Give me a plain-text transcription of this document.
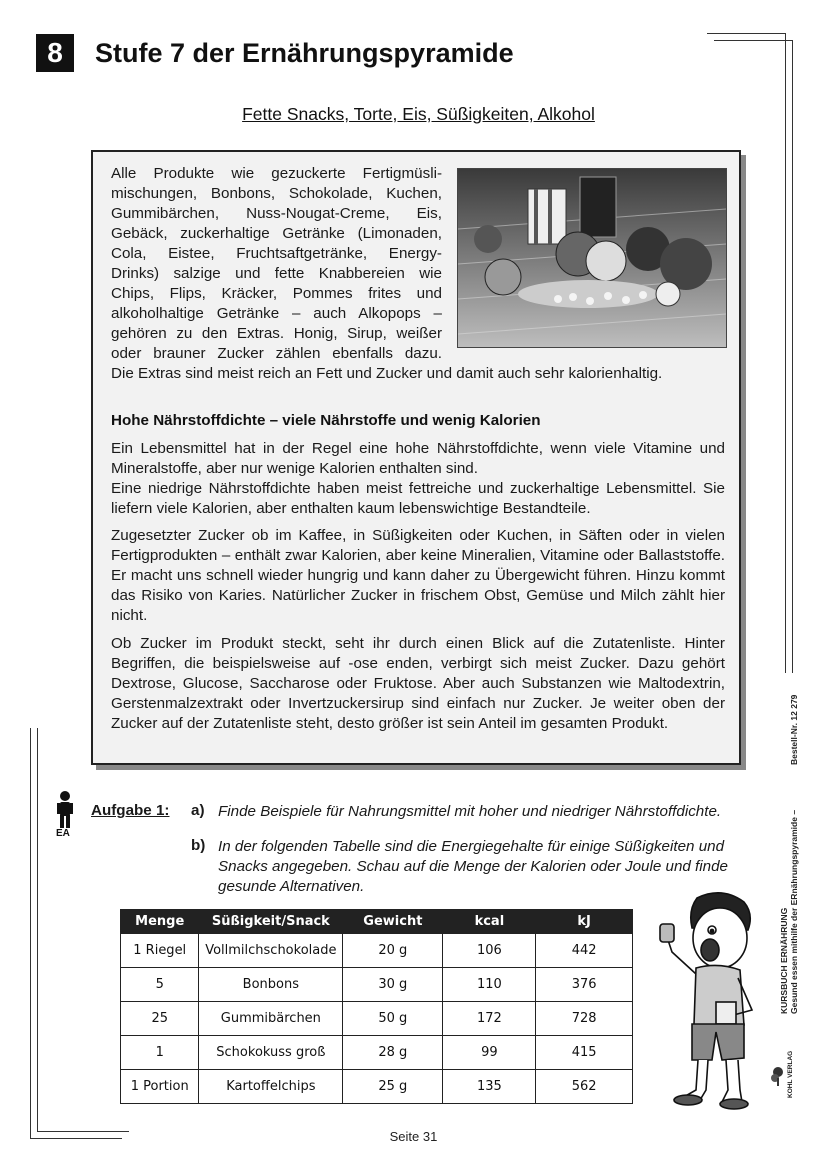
8	Stufe 7 der Ernährungspyramide
Fette Snacks, Torte, Eis, Süßigkeiten, Alkohol
Alle Produkte wie gezuckerte Fertigmüsli-
mischungen, Bonbons, Schokolade, Kuchen,
Gummibärchen, Nuss-Nougat-Creme, Eis,
Gebäck, zuckerhaltige Getränke (Limonaden,
Cola, Eistee, Fruchtsaftgetränke, Energy-
Drinks) salzige und fette Knabbereien wie
Chips, Flips, Kräcker, Pommes frites und
alkoholhaltige Getränke – auch Alkopops –
gehören zu den Extras. Honig, Sirup, weißer
oder brauner Zucker zählen ebenfalls dazu.
Die Extras sind meist reich an Fett und Zucker und damit auch sehr kalorienhaltig.
Hohe Nährstoffdichte – viele Nährstoffe und wenig Kalorien
Ein Lebensmittel hat in der Regel eine hohe Nährstoffdichte, wenn viele Vitamine und Mineralstoffe, aber nur wenige Kalorien enthalten sind.
Eine niedrige Nährstoffdichte haben meist fettreiche und zuckerhaltige Lebensmittel. Sie liefern viele Kalorien, aber enthalten kaum lebenswichtige Bestandteile.
Zugesetzter Zucker ob im Kaffee, in Süßigkeiten oder Kuchen, in Säften oder in vielen Fertigprodukten – enthält zwar Kalorien, aber keine Mineralien, Vitamine oder Ballaststoffe. Er macht uns schnell wieder hungrig und kann daher zu Übergewicht führen. Hinzu kommt das Risiko von Karies. Natürlicher Zucker in frischem Obst, Gemüse und Milch zählt hier nicht.
Ob Zucker im Produkt steckt, seht ihr durch einen Blick auf die Zutatenliste. Hinter Begriffen, die beispielsweise auf -ose enden, verbirgt sich meist Zucker. Dazu gehört Dextrose, Glucose, Saccharose oder Fruktose. Aber auch Substanzen wie Maltodextrin, Gerstenmalzextrakt oder Invertzuckersirup sind einfach nur Zucker. Je weiter oben der Zucker auf der Zutatenliste steht, desto größer ist sein Anteil im gesamten Produkt.
EA
Aufgabe 1: a) Finde Beispiele für Nahrungsmittel mit hoher und niedriger Nährstoffdichte.
b) In der folgenden Tabelle sind die Energiegehalte für einige Süßigkeiten und Snacks angegeben. Schau auf die Menge der Kalorien oder Joule und finde gesunde Alternativen.
Menge	Süßigkeit/Snack	Gewicht	kcal	kJ
1 Riegel	Vollmilchschokolade	20 g	106	442
5	Bonbons	30 g	110	376
25	Gummibärchen	50 g	172	728
1	Schokokuss groß	28 g	99	415
1 Portion	Kartoffelchips	25 g	135	562
Bestell-Nr. 12 279
KURSBUCH ERNÄHRUNG Gesund essen mithilfe der ERnährungspyramide –
KOHL VERLAG
Seite 31
